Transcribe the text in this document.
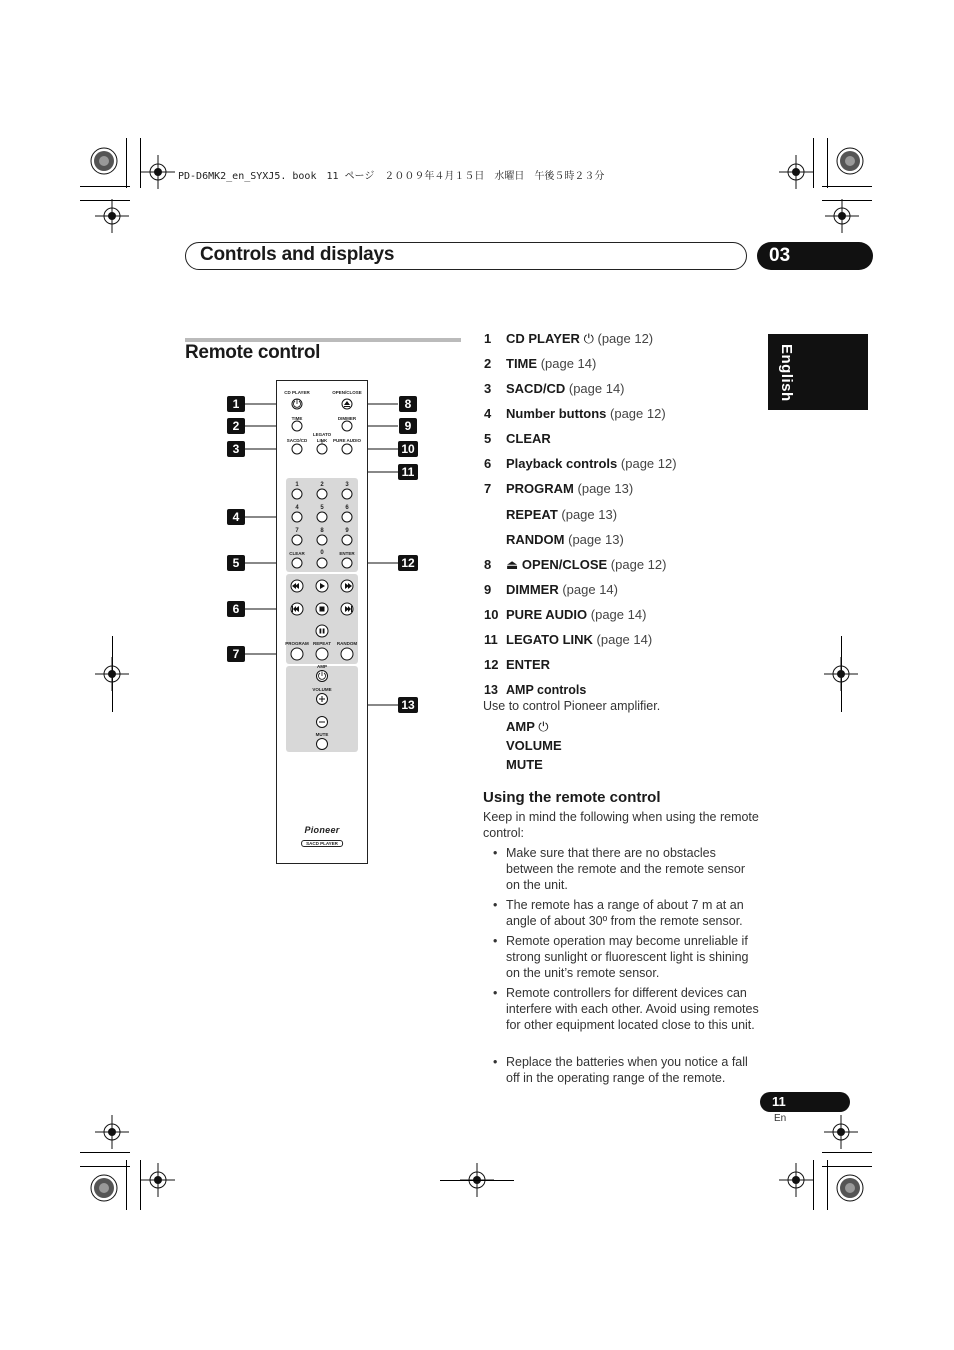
PD-D6MK2_en_SYXJ5. book　11 ページ　２００９年４月１５日　水曜日　午後５時２３分
Controls and displays	03
English
Remote control
1
2
3
4
5
6
7
8
9
10
11
12
13
CD PLAYER	OPEN/CLOSE
TIME	DIMMER
SACD/CD
LEGATO LINK	PURE AUDIO
1	2	3
4	5	6
7	8	9
CLEAR	0	ENTER
PROGRAM REPEAT RANDOM
AMP
VOLUME
MUTE
Pioneer
SACD PLAYER
1 CD PLAYER ⏻ (page 12)
2 TIME (page 14)
3 SACD/CD (page 14)
4 Number buttons (page 12)
5 CLEAR
6 Playback controls (page 12)
7 PROGRAM (page 13)
REPEAT (page 13)
RANDOM (page 13)
8 ⏏ OPEN/CLOSE (page 12)
9 DIMMER (page 14)
10 PURE AUDIO (page 14)
11 LEGATO LINK (page 14)
12 ENTER
13 AMP controls
Use to control Pioneer amplifier.
AMP ⏻
VOLUME
MUTE
Using the remote control
Keep in mind the following when using the remote control:
• Make sure that there are no obstacles between the remote and the remote sensor on the unit.
• The remote has a range of about 7 m at an angle of about 30º from the remote sensor.
• Remote operation may become unreliable if strong sunlight or fluorescent light is shining on the unit’s remote sensor.
• Remote controllers for different devices can interfere with each other. Avoid using remotes for other equipment located close to this unit.
• Replace the batteries when you notice a fall off in the operating range of the remote.
11
En
